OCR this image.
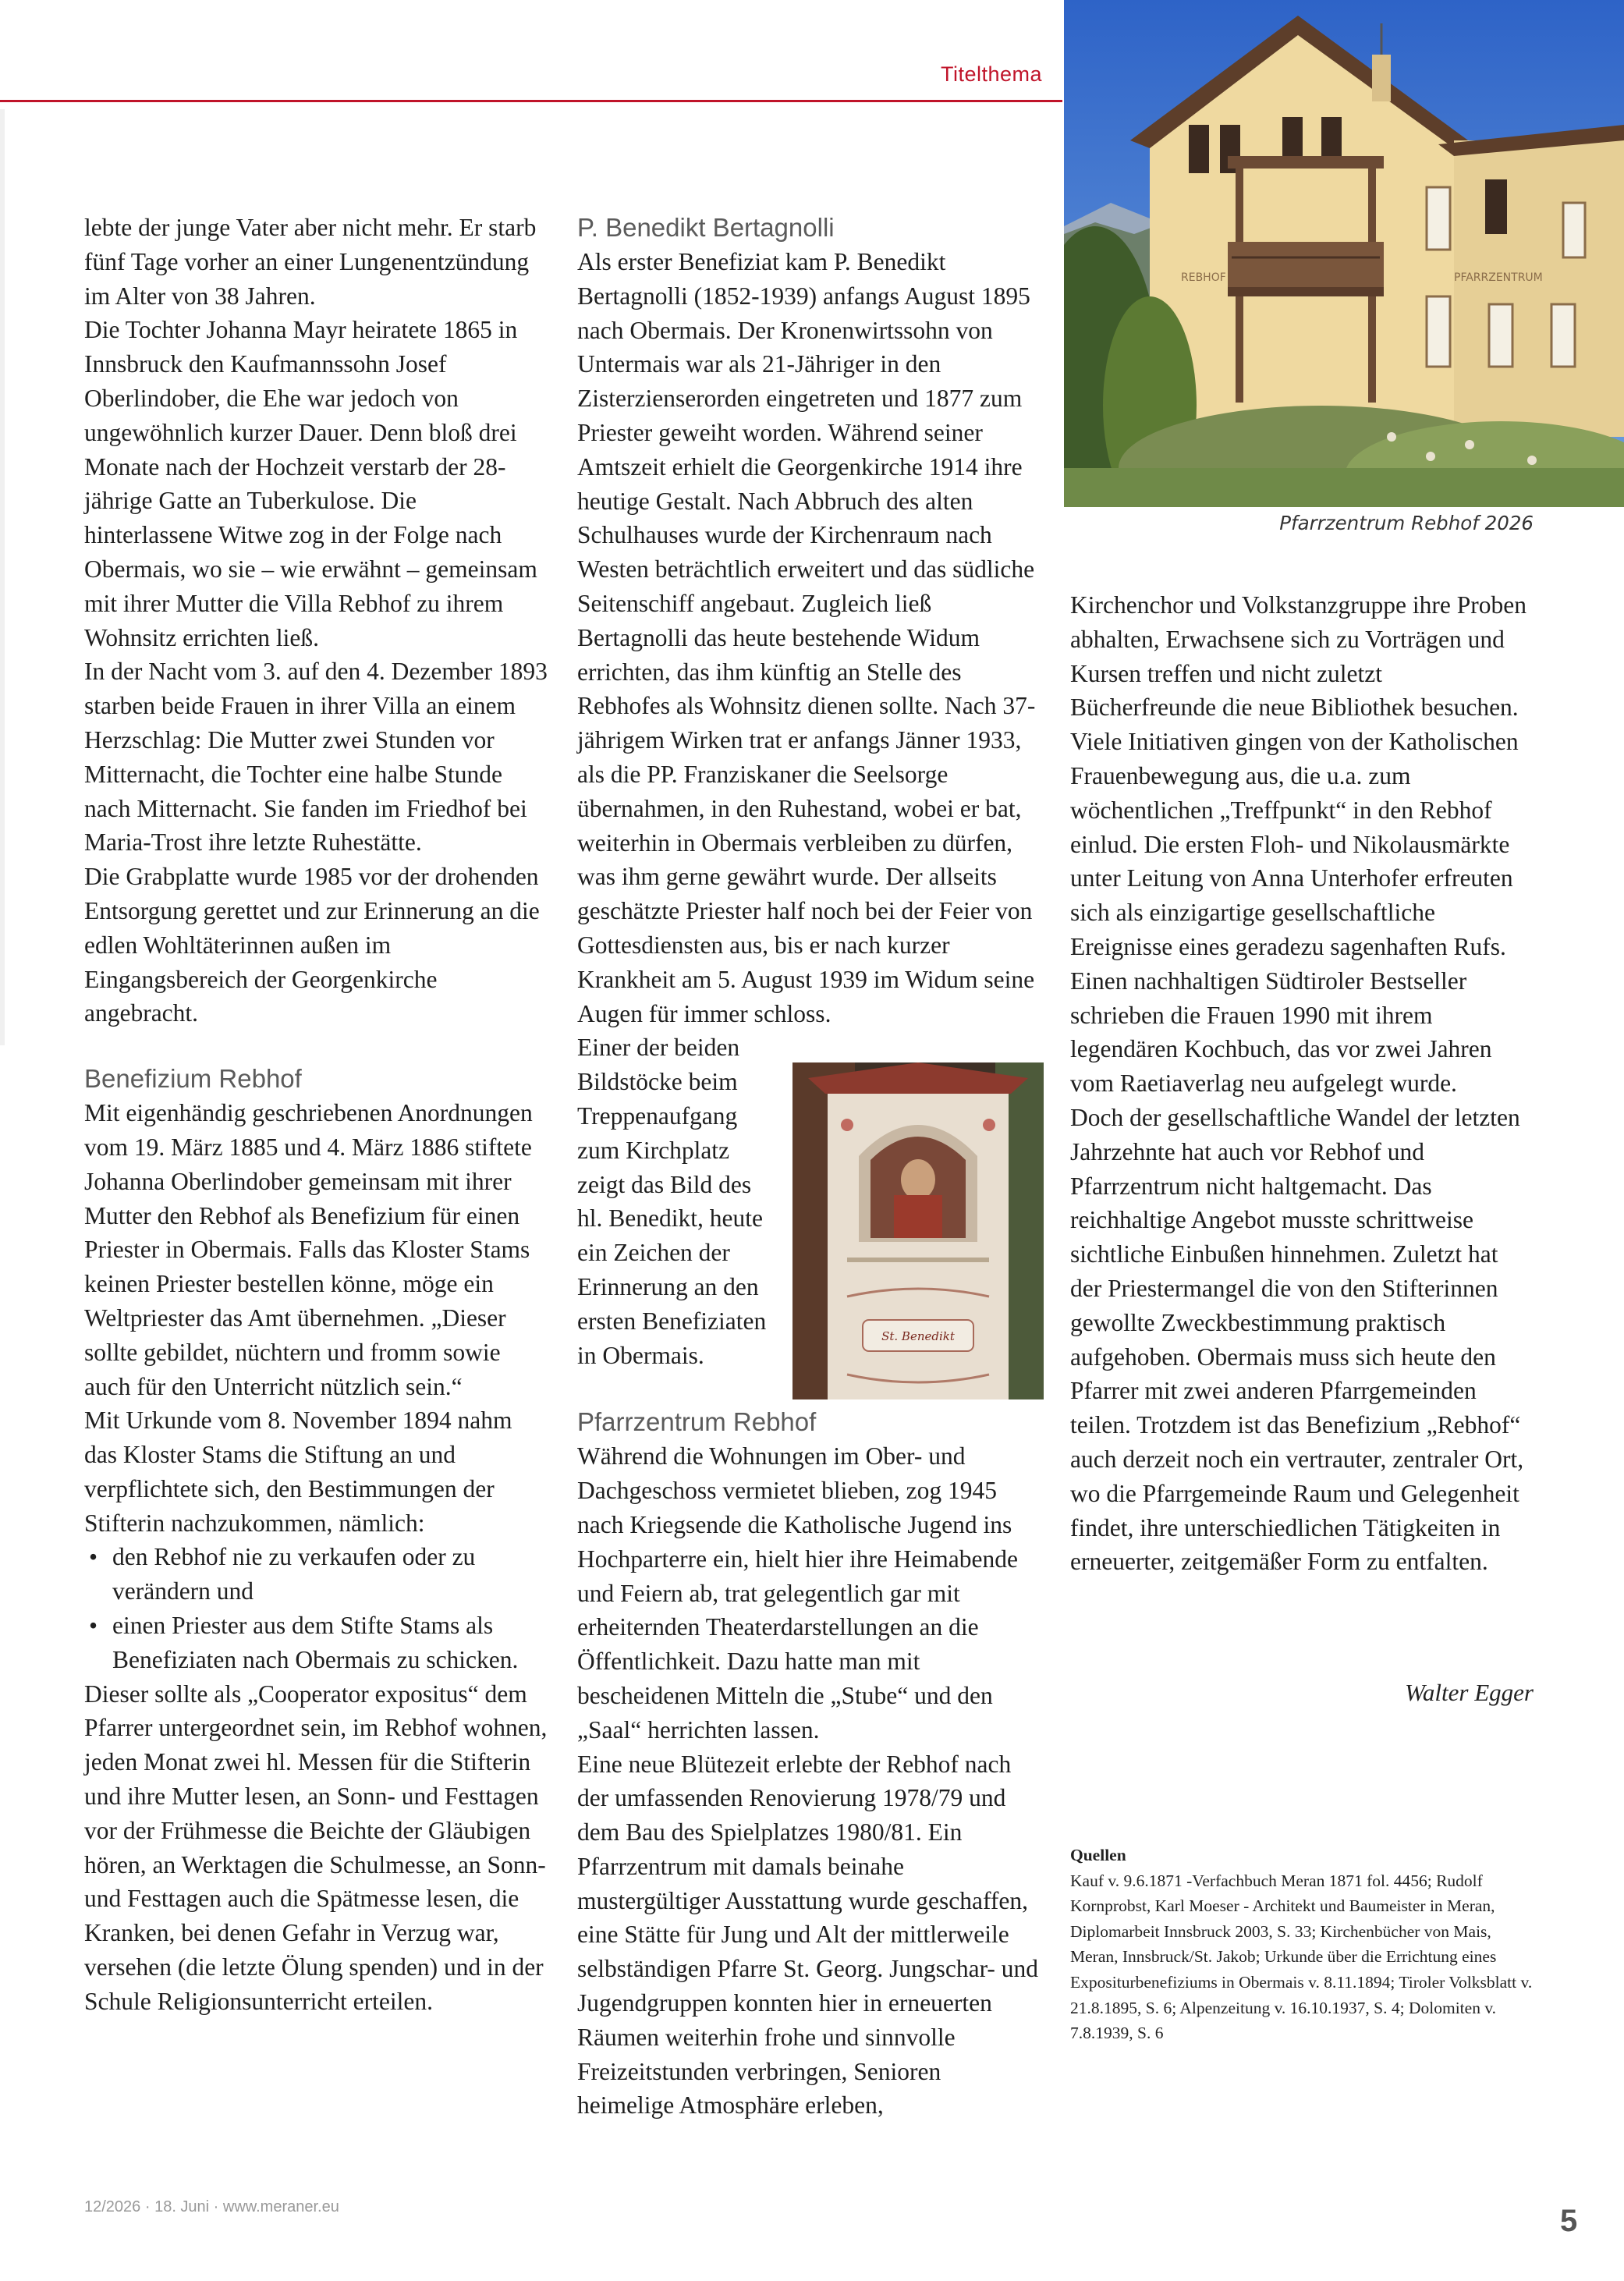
Titelthema

lebte der junge Vater aber nicht mehr. Er starb fünf Tage vorher an einer Lungenentzündung im Alter von 38 Jahren.

Die Tochter Johanna Mayr heiratete 1865 in Innsbruck den Kaufmannssohn Josef Oberlindober, die Ehe war jedoch von ungewöhnlich kurzer Dauer. Denn bloß drei Monate nach der Hochzeit verstarb der 28-jährige Gatte an Tuberkulose. Die hinterlassene Witwe zog in der Folge nach Obermais, wo sie – wie erwähnt – gemeinsam mit ihrer Mutter die Villa Rebhof zu ihrem Wohnsitz errichten ließ.

In der Nacht vom 3. auf den 4. Dezember 1893 starben beide Frauen in ihrer Villa an einem Herzschlag: Die Mutter zwei Stunden vor Mitternacht, die Tochter eine halbe Stunde nach Mitternacht. Sie fanden im Friedhof bei Maria-Trost ihre letzte Ruhestätte.

Die Grabplatte wurde 1985 vor der drohenden Entsorgung gerettet und zur Erinnerung an die edlen Wohltäterinnen außen im Eingangsbereich der Georgenkirche angebracht.

Benefizium Rebhof

Mit eigenhändig geschriebenen Anordnungen vom 19. März 1885 und 4. März 1886 stiftete Johanna Oberlindober gemeinsam mit ihrer Mutter den Rebhof als Benefizium für einen Priester in Obermais. Falls das Kloster Stams keinen Priester bestellen könne, möge ein Weltpriester das Amt übernehmen. „Dieser sollte gebildet, nüchtern und fromm sowie auch für den Unterricht nützlich sein.“

Mit Urkunde vom 8. November 1894 nahm das Kloster Stams die Stiftung an und verpflichtete sich, den Bestimmungen der Stifterin nachzukommen, nämlich:

• den Rebhof nie zu verkaufen oder zu verändern und
• einen Priester aus dem Stifte Stams als Benefiziaten nach Obermais zu schicken.

Dieser sollte als „Cooperator expositus“ dem Pfarrer untergeordnet sein, im Rebhof wohnen, jeden Monat zwei hl. Messen für die Stifterin und ihre Mutter lesen, an Sonn- und Festtagen vor der Frühmesse die Beichte der Gläubigen hören, an Werktagen die Schulmesse, an Sonn- und Festtagen auch die Spätmesse lesen, die Kranken, bei denen Gefahr in Verzug war, versehen (die letzte Ölung spenden) und in der Schule Religionsunterricht erteilen.

P. Benedikt Bertagnolli

Als erster Benefiziat kam P. Benedikt Bertagnolli (1852-1939) anfangs August 1895 nach Obermais. Der Kronenwirtssohn von Untermais war als 21-Jähriger in den Zisterzienserorden eingetreten und 1877 zum Priester geweiht worden. Während seiner Amtszeit erhielt die Georgenkirche 1914 ihre heutige Gestalt. Nach Abbruch des alten Schulhauses wurde der Kirchenraum nach Westen beträchtlich erweitert und das südliche Seitenschiff angebaut. Zugleich ließ Bertagnolli das heute bestehende Widum errichten, das ihm künftig an Stelle des Rebhofes als Wohnsitz dienen sollte. Nach 37-jährigem Wirken trat er anfangs Jänner 1933, als die PP. Franziskaner die Seelsorge übernahmen, in den Ruhestand, wobei er bat, weiterhin in Obermais verbleiben zu dürfen, was ihm gerne gewährt wurde. Der allseits geschätzte Priester half noch bei der Feier von Gottesdiensten aus, bis er nach kurzer Krankheit am 5. August 1939 im Widum seine Augen für immer schloss.

Einer der beiden Bildstöcke beim Treppenaufgang zum Kirchplatz zeigt das Bild des hl. Benedikt, heute ein Zeichen der Erinnerung an den ersten Benefiziaten in Obermais.

Pfarrzentrum Rebhof

Während die Wohnungen im Ober- und Dachgeschoss vermietet blieben, zog 1945 nach Kriegsende die Katholische Jugend ins Hochparterre ein, hielt hier ihre Heimabende und Feiern ab, trat gelegentlich gar mit erheiternden Theaterdarstellungen an die Öffentlichkeit. Dazu hatte man mit bescheidenen Mitteln die „Stube“ und den „Saal“ herrichten lassen.

Eine neue Blütezeit erlebte der Rebhof nach der umfassenden Renovierung 1978/79 und dem Bau des Spielplatzes 1980/81. Ein Pfarrzentrum mit damals beinahe mustergültiger Ausstattung wurde geschaffen, eine Stätte für Jung und Alt der mittlerweile selbständigen Pfarre St. Georg. Jungschar- und Jugendgruppen konnten hier in erneuerten Räumen weiterhin frohe und sinnvolle Freizeitstunden verbringen, Senioren heimelige Atmosphäre erleben,

Kirchenchor und Volkstanzgruppe ihre Proben abhalten, Erwachsene sich zu Vorträgen und Kursen treffen und nicht zuletzt Bücherfreunde die neue Bibliothek besuchen. Viele Initiativen gingen von der Katholischen Frauenbewegung aus, die u.a. zum wöchentlichen „Treffpunkt“ in den Rebhof einlud. Die ersten Floh- und Nikolausmärkte unter Leitung von Anna Unterhofer erfreuten sich als einzigartige gesellschaftliche Ereignisse eines geradezu sagenhaften Rufs. Einen nachhaltigen Südtiroler Bestseller schrieben die Frauen 1990 mit ihrem legendären Kochbuch, das vor zwei Jahren vom Raetiaverlag neu aufgelegt wurde.

Doch der gesellschaftliche Wandel der letzten Jahrzehnte hat auch vor Rebhof und Pfarrzentrum nicht haltgemacht. Das reichhaltige Angebot musste schrittweise sichtliche Einbußen hinnehmen. Zuletzt hat der Priestermangel die von den Stifterinnen gewollte Zweckbestimmung praktisch aufgehoben. Obermais muss sich heute den Pfarrer mit zwei anderen Pfarrgemeinden teilen. Trotzdem ist das Benefizium „Rebhof“ auch derzeit noch ein vertrauter, zentraler Ort, wo die Pfarrgemeinde Raum und Gelegenheit findet, ihre unterschiedlichen Tätigkeiten in erneuerter, zeitgemäßer Form zu entfalten.

Walter Egger
Quellen
Kauf v. 9.6.1871 -Verfachbuch Meran 1871 fol. 4456; Rudolf Kornprobst, Karl Moeser - Architekt und Baumeister in Meran, Diplomarbeit Innsbruck 2003, S. 33; Kirchenbücher von Mais, Meran, Innsbruck/St. Jakob; Urkunde über die Errichtung eines Expositurbenefiziums in Obermais v. 8.11.1894; Tiroler Volksblatt v. 21.8.1895, S. 6; Alpenzeitung v. 16.10.1937, S. 4; Dolomiten v. 7.8.1939, S. 6
REBHOF	PFARRZENTRUM
Pfarrzentrum Rebhof 2026
St. Benedikt
12/2026 · 18. Juni · www.meraner.eu	5
